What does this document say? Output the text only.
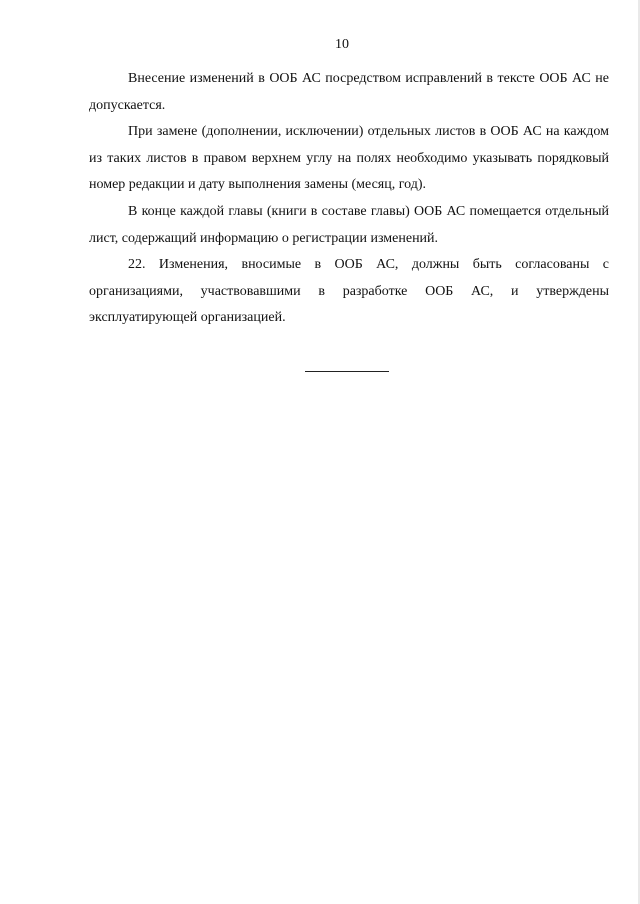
10

Внесение изменений в ООБ АС посредством исправлений в тексте ООБ АС не допускается.

При замене (дополнении, исключении) отдельных листов в ООБ АС на каждом из таких листов в правом верхнем углу на полях необходимо указывать порядковый номер редакции и дату выполнения замены (месяц, год).

В конце каждой главы (книги в составе главы) ООБ АС помещается отдельный лист, содержащий информацию о регистрации изменений.

22. Изменения, вносимые в ООБ АС, должны быть согласованы с организациями, участвовавшими в разработке ООБ АС, и утверждены эксплуатирующей организацией.
